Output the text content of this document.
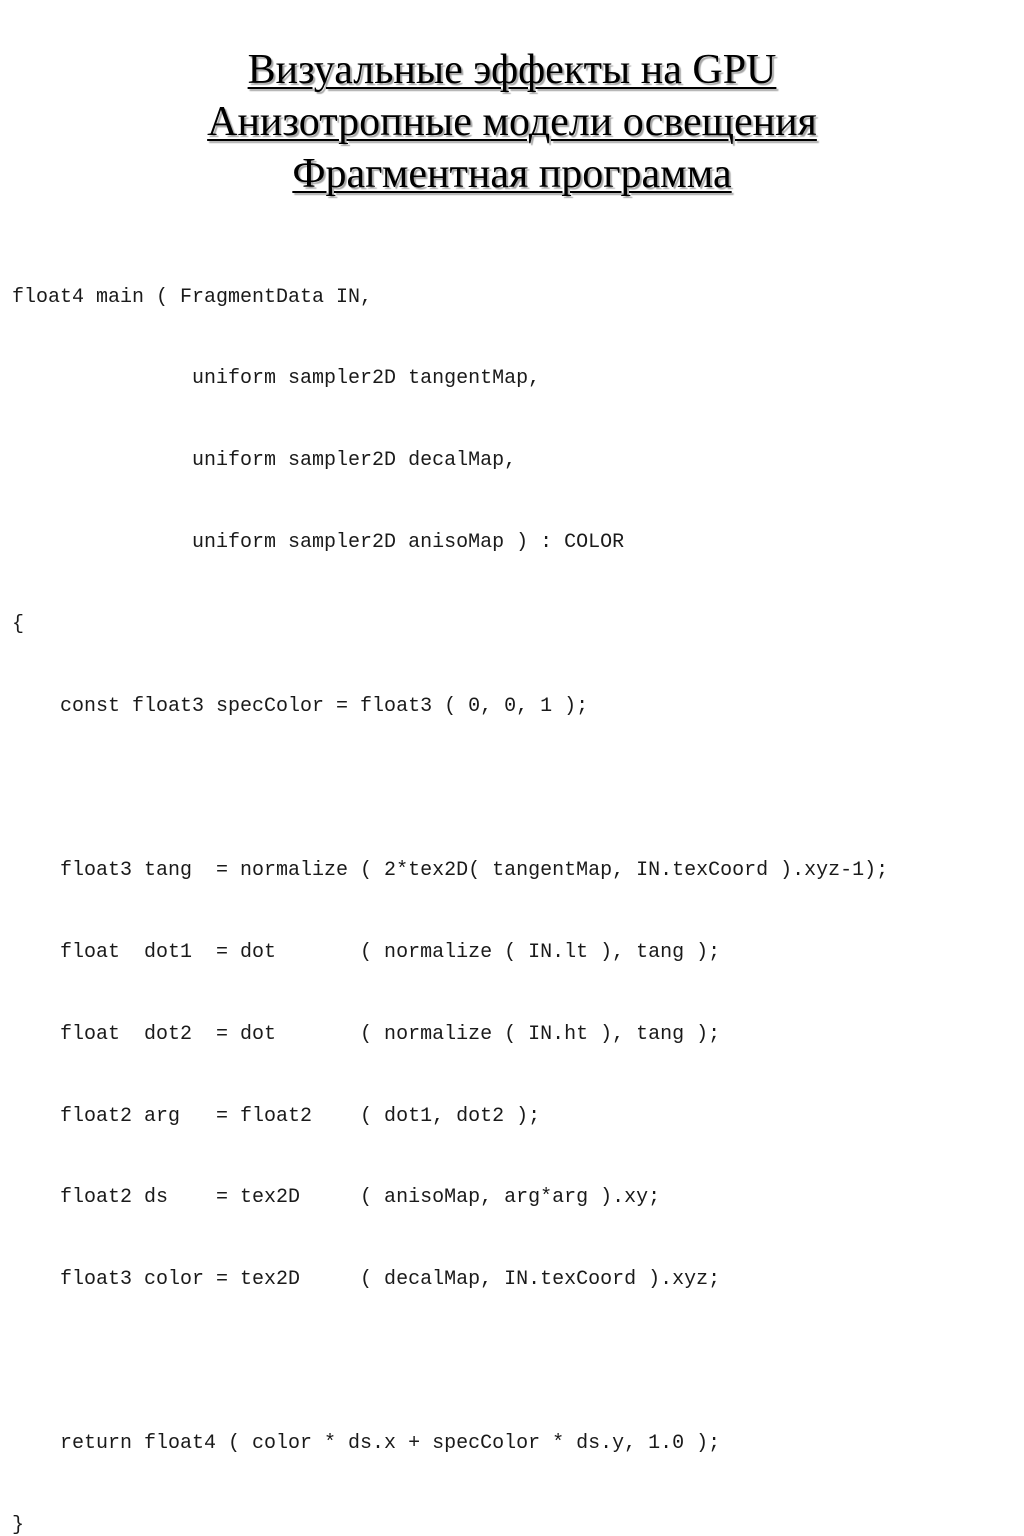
Визуальные эффекты на GPU
Анизотропные модели освещения
Фрагментная программа

float4 main ( FragmentData IN,

uniform sampler2D tangentMap,

uniform sampler2D decalMap,

uniform sampler2D anisoMap ) : COLOR

{

const float3 specColor = float3 ( 0, 0, 1 );

float3 tang  = normalize ( 2*tex2D( tangentMap, IN.texCoord ).xyz-1);

float  dot1  = dot       ( normalize ( IN.lt ), tang );

float  dot2  = dot       ( normalize ( IN.ht ), tang );

float2 arg   = float2    ( dot1, dot2 );

float2 ds    = tex2D     ( anisoMap, arg*arg ).xy;

float3 color = tex2D     ( decalMap, IN.texCoord ).xyz;

return float4 ( color * ds.x + specColor * ds.y, 1.0 );

}
